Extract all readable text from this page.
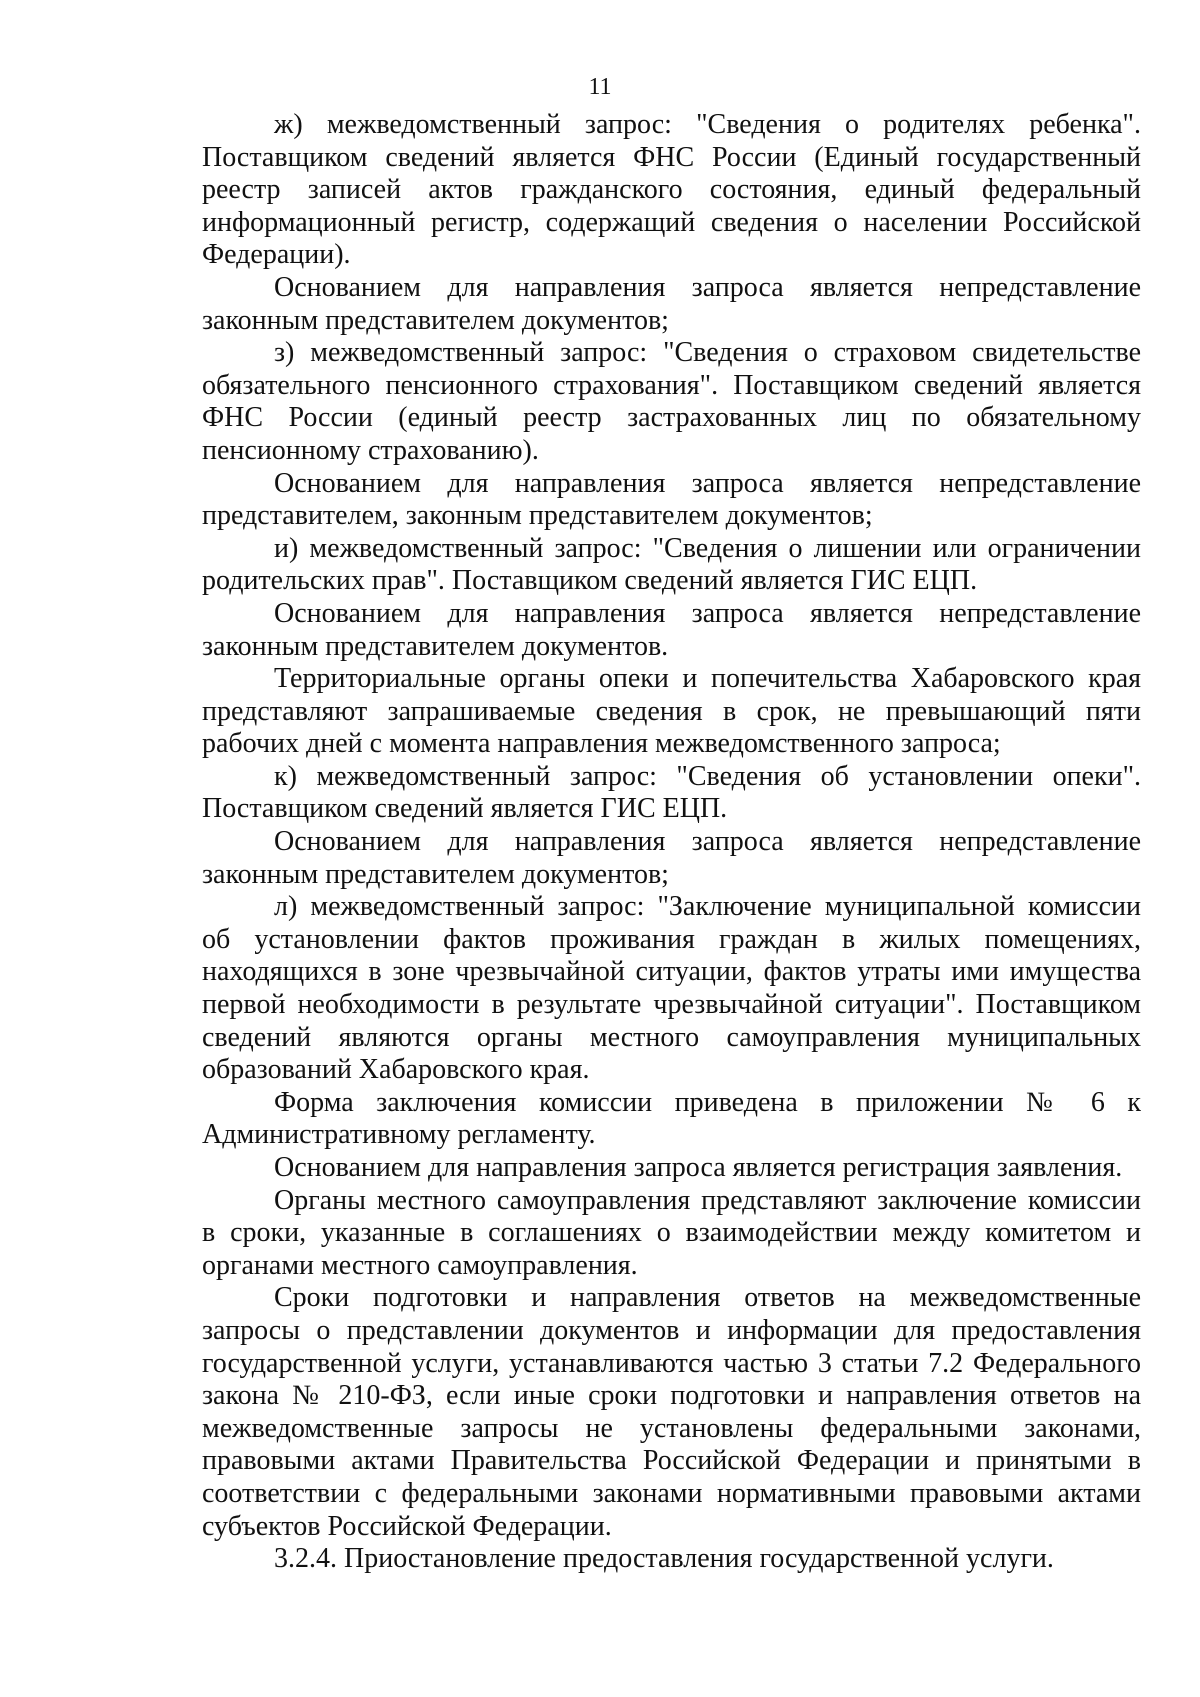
11

ж) межведомственный запрос: "Сведения о родителях ребенка". Поставщиком сведений является ФНС России (Единый государственный реестр записей актов гражданского состояния, единый федеральный информационный регистр, содержащий сведения о населении Российской Федерации).

Основанием для направления запроса является непредставление законным представителем документов;

з) межведомственный запрос: "Сведения о страховом свидетельстве обязательного пенсионного страхования". Поставщиком сведений является ФНС России (единый реестр застрахованных лиц по обязательному пенсионному страхованию).

Основанием для направления запроса является непредставление представителем, законным представителем документов;

и) межведомственный запрос: "Сведения о лишении или ограничении родительских прав". Поставщиком сведений является ГИС ЕЦП.

Основанием для направления запроса является непредставление законным представителем документов.

Территориальные органы опеки и попечительства Хабаровского края представляют запрашиваемые сведения в срок, не превышающий пяти рабочих дней с момента направления межведомственного запроса;

к) межведомственный запрос: "Сведения об установлении опеки". Поставщиком сведений является ГИС ЕЦП.

Основанием для направления запроса является непредставление законным представителем документов;

л) межведомственный запрос: "Заключение муниципальной комиссии об установлении фактов проживания граждан в жилых помещениях, находящихся в зоне чрезвычайной ситуации, фактов утраты ими имущества первой необходимости в результате чрезвычайной ситуации". Поставщиком сведений являются органы местного самоуправления муниципальных образований Хабаровского края.

Форма заключения комиссии приведена в приложении № 6 к Административному регламенту.

Основанием для направления запроса является регистрация заявления.

Органы местного самоуправления представляют заключение комиссии в сроки, указанные в соглашениях о взаимодействии между комитетом и органами местного самоуправления.

Сроки подготовки и направления ответов на межведомственные запросы о представлении документов и информации для предоставления государственной услуги, устанавливаются частью 3 статьи 7.2 Федерального закона № 210-ФЗ, если иные сроки подготовки и направления ответов на межведомственные запросы не установлены федеральными законами, правовыми актами Правительства Российской Федерации и принятыми в соответствии с федеральными законами нормативными правовыми актами субъектов Российской Федерации.

3.2.4. Приостановление предоставления государственной услуги.
